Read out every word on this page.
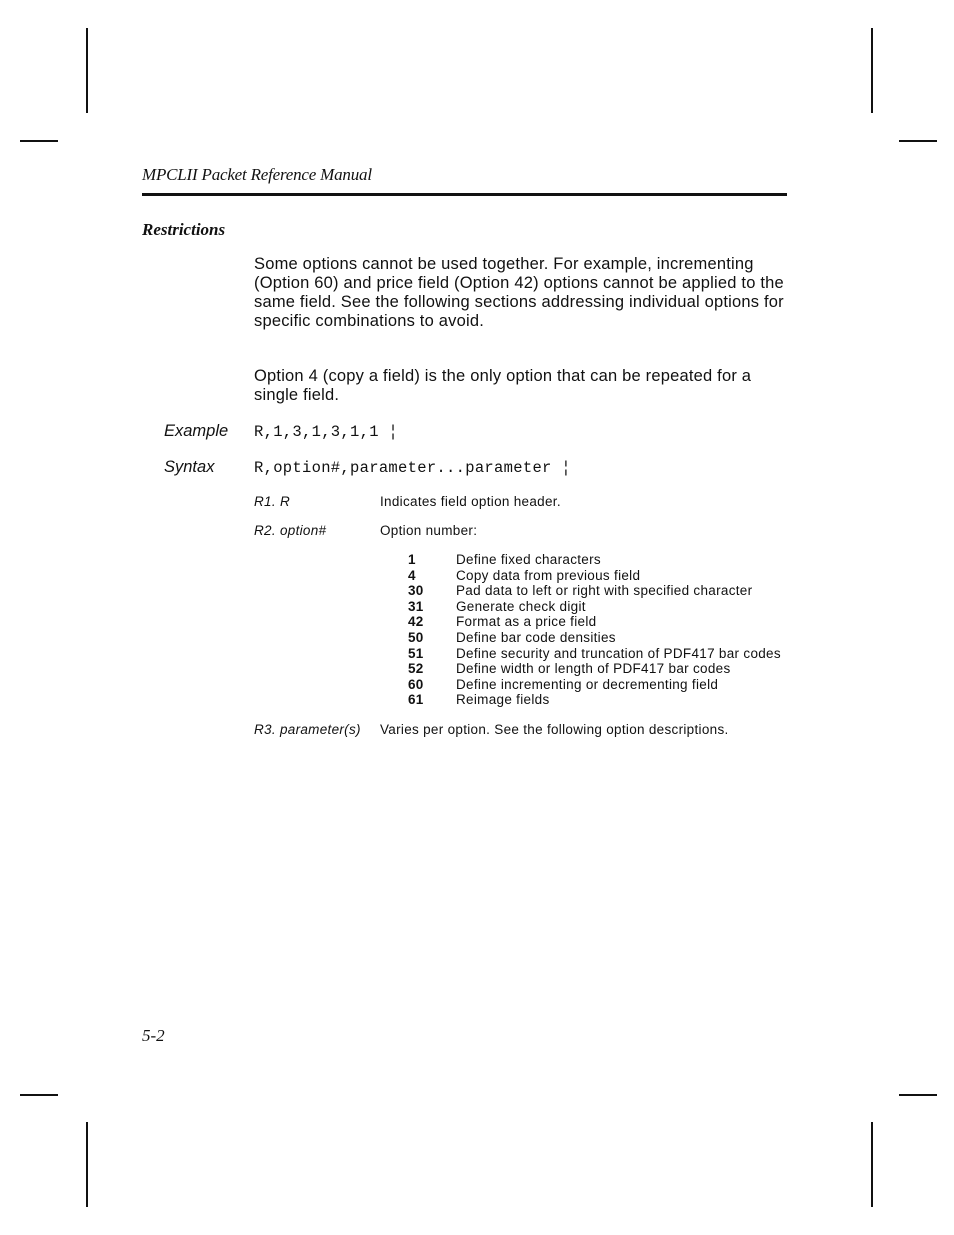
MPCLII Packet Reference Manual
Restrictions

Some options cannot be used together. For example, incrementing (Option 60) and price field (Option 42) options cannot be applied to the same field. See the following sections addressing individual options for specific combinations to avoid.

Option 4 (copy a field) is the only option that can be repeated for a single field.

Example R,1,3,1,3,1,1 ¦
Syntax	R,option#,parameter...parameter ¦
R1. R	Indicates field option header.
R2. option#	Option number:
1	Define fixed characters
4	Copy data from previous field
30 Pad data to left or right with specified character
31 Generate check digit
42 Format as a price field
50 Define bar code densities
51 Define security and truncation of PDF417 bar codes
52 Define width or length of PDF417 bar codes
60 Define incrementing or decrementing field
61 Reimage fields
R3. parameter(s) Varies per option. See the following option descriptions.
5-2
